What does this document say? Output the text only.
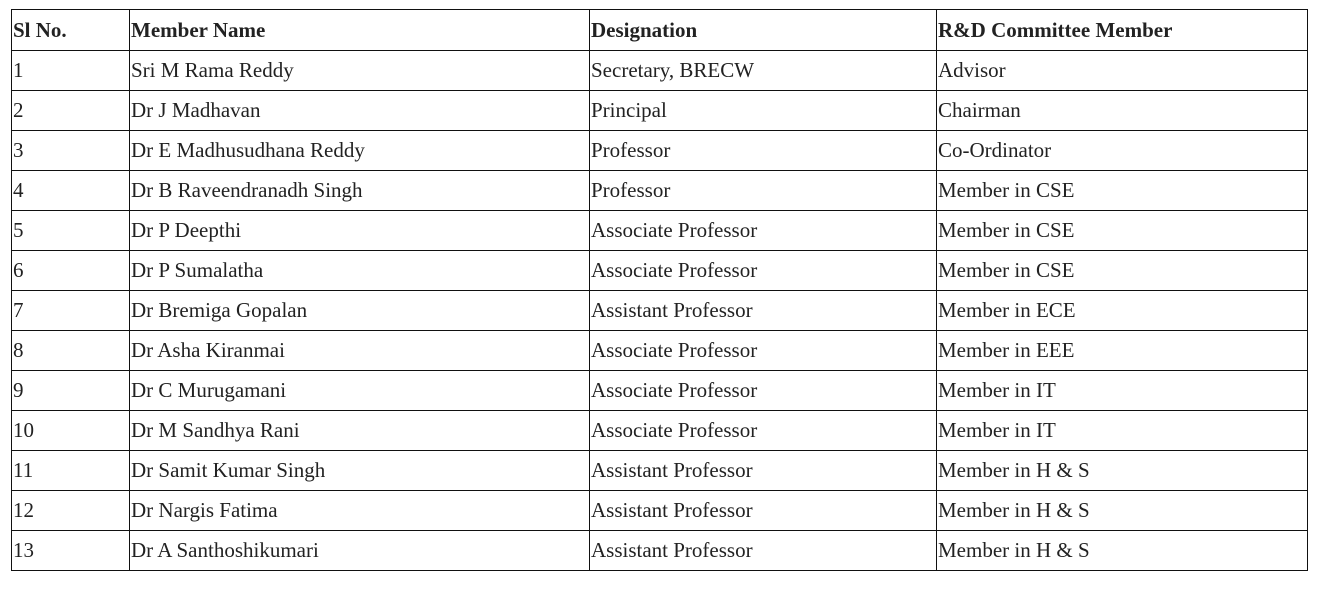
Sl No.	Member Name	Designation	R&D Committee Member
1	Sri M Rama Reddy	Secretary, BRECW	Advisor
2	Dr J Madhavan	Principal	Chairman
3	Dr E Madhusudhana Reddy	Professor	Co-Ordinator
4	Dr B Raveendranadh Singh	Professor	Member in CSE
5	Dr P Deepthi	Associate Professor	Member in CSE
6	Dr P Sumalatha	Associate Professor	Member in CSE
7	Dr Bremiga Gopalan	Assistant Professor	Member in ECE
8	Dr Asha Kiranmai	Associate Professor	Member in EEE
9	Dr C Murugamani	Associate Professor	Member in IT
10	Dr M Sandhya Rani	Associate Professor	Member in IT
11	Dr Samit Kumar Singh	Assistant Professor	Member in H & S
12	Dr Nargis Fatima	Assistant Professor	Member in H & S
13	Dr A Santhoshikumari	Assistant Professor	Member in H & S
